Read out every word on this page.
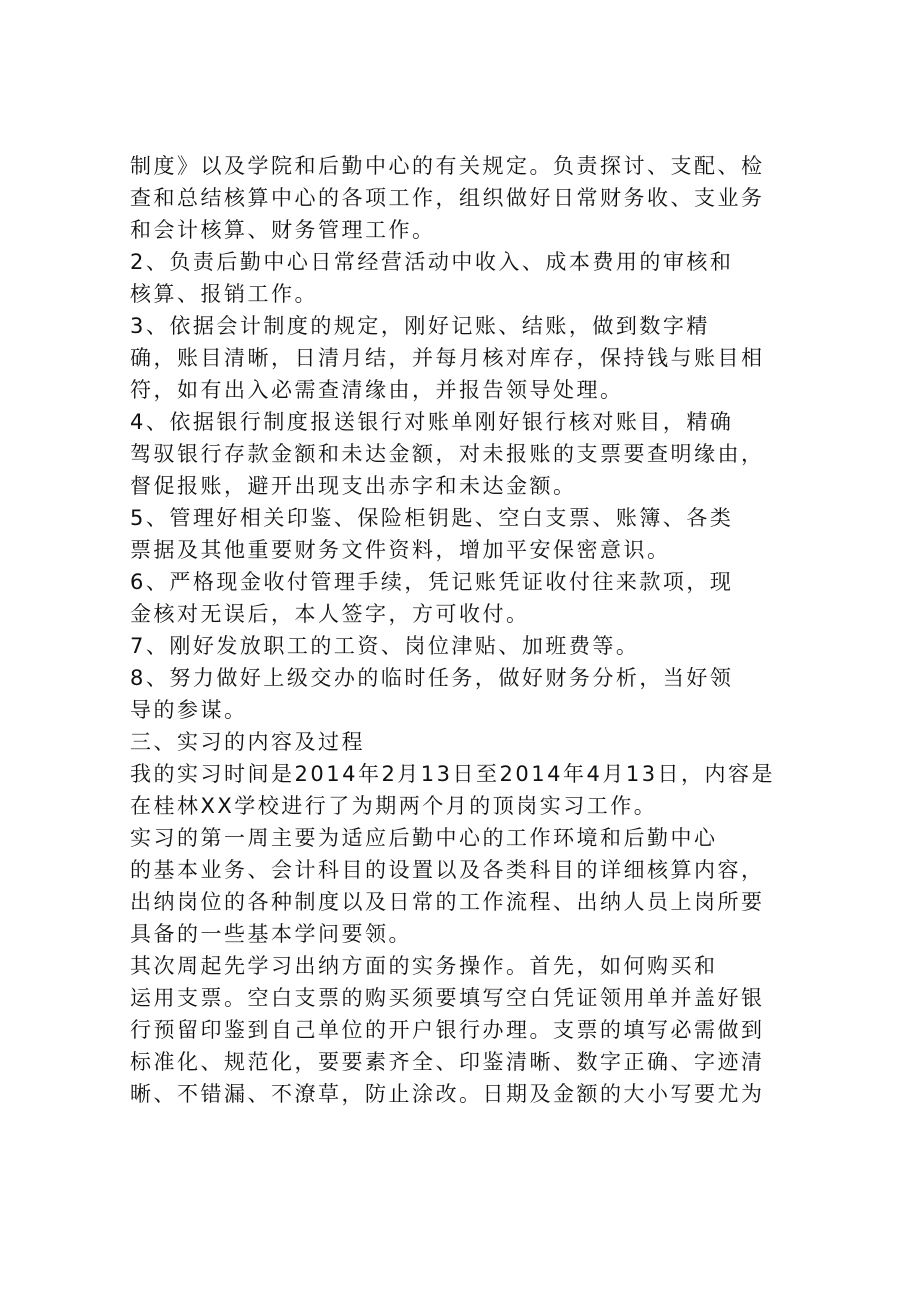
制度》以及学院和后勤中心的有关规定。负责探讨、支配、检
查和总结核算中心的各项工作，组织做好日常财务收、支业务
和会计核算、财务管理工作。
2、负责后勤中心日常经营活动中收入、成本费用的审核和
核算、报销工作。
3、依据会计制度的规定，刚好记账、结账，做到数字精
确，账目清晰，日清月结，并每月核对库存，保持钱与账目相
符，如有出入必需查清缘由，并报告领导处理。
4、依据银行制度报送银行对账单刚好银行核对账目，精确
驾驭银行存款金额和未达金额，对未报账的支票要查明缘由，
督促报账，避开出现支出赤字和未达金额。
5、管理好相关印鉴、保险柜钥匙、空白支票、账簿、各类
票据及其他重要财务文件资料，增加平安保密意识。
6、严格现金收付管理手续，凭记账凭证收付往来款项，现
金核对无误后，本人签字，方可收付。
7、刚好发放职工的工资、岗位津贴、加班费等。
8、努力做好上级交办的临时任务，做好财务分析，当好领
导的参谋。
三、实习的内容及过程
我的实习时间是2014年2月13日至2014年4月13日，内容是
在桂林XX学校进行了为期两个月的顶岗实习工作。
实习的第一周主要为适应后勤中心的工作环境和后勤中心
的基本业务、会计科目的设置以及各类科目的详细核算内容，
出纳岗位的各种制度以及日常的工作流程、出纳人员上岗所要
具备的一些基本学问要领。
其次周起先学习出纳方面的实务操作。首先，如何购买和
运用支票。空白支票的购买须要填写空白凭证领用单并盖好银
行预留印鉴到自己单位的开户银行办理。支票的填写必需做到
标准化、规范化，要要素齐全、印鉴清晰、数字正确、字迹清
晰、不错漏、不潦草，防止涂改。日期及金额的大小写要尤为
